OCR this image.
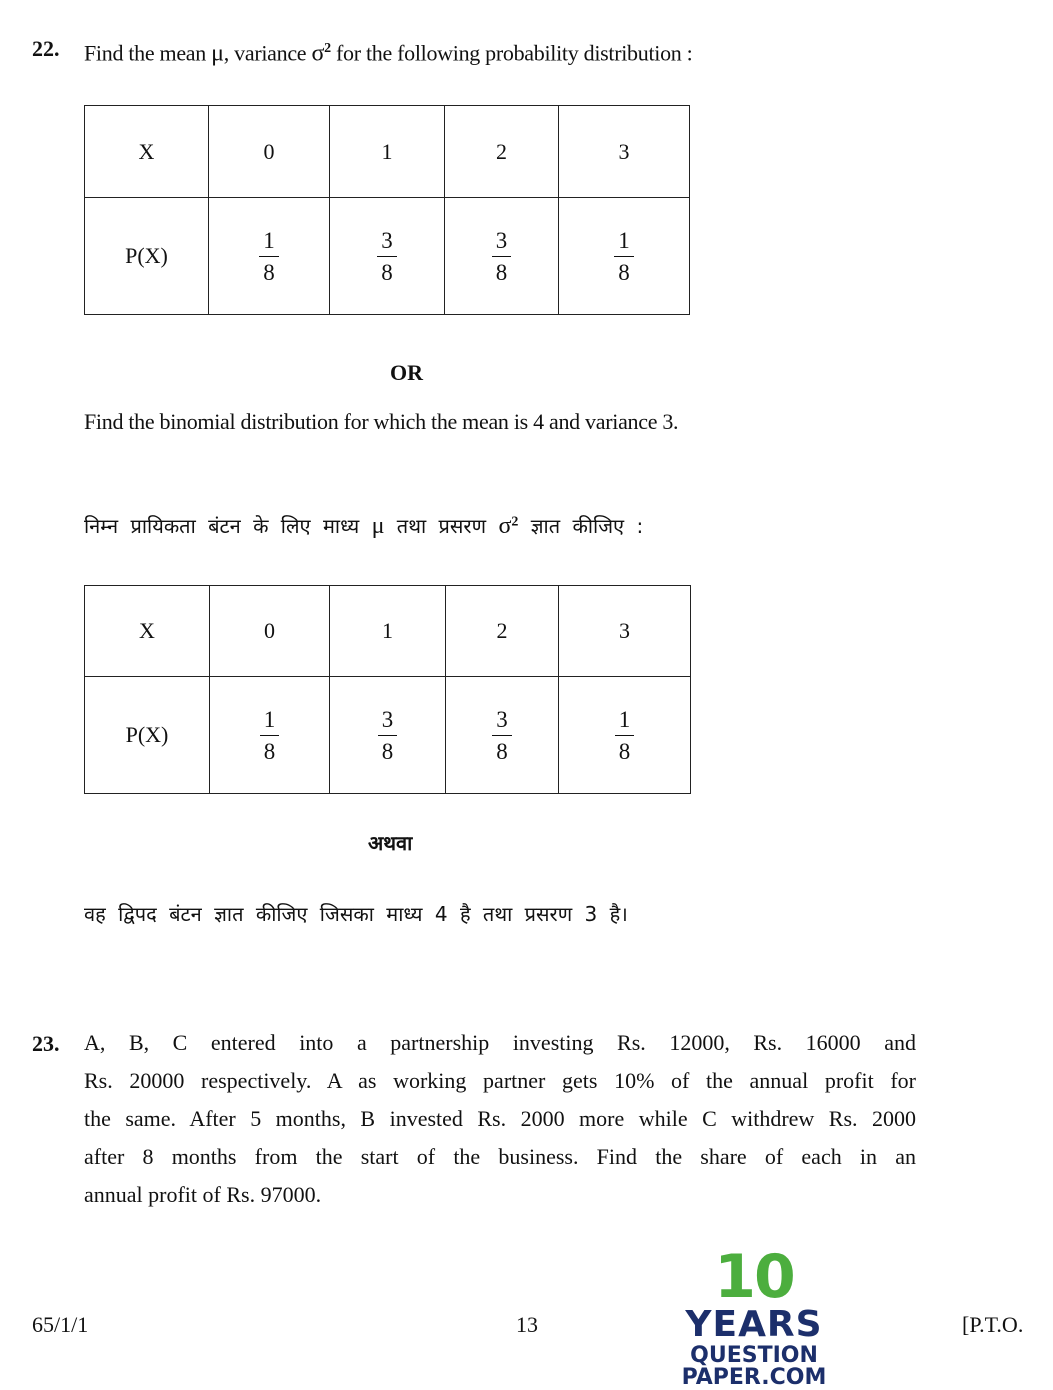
22. Find the mean μ, variance $\sigma^2$ for the following probability distribution :
X	0	1	2	3
P(X)	$\frac{1}{8}$	$\frac{3}{8}$	$\frac{3}{8}$	$\frac{1}{8}$
OR
Find the binomial distribution for which the mean is 4 and variance 3.
निम्न प्रायिकता बंटन के लिए माध्य μ तथा प्रसरण $\sigma^2$ ज्ञात कीजिए :
X	0	1	2	3
P(X)	$\frac{1}{8}$	$\frac{3}{8}$	$\frac{3}{8}$	$\frac{1}{8}$
अथवा
वह द्विपद बंटन ज्ञात कीजिए जिसका माध्य 4 है तथा प्रसरण 3 है।
23. A, B, C entered into a partnership investing Rs. 12000, Rs. 16000 and
Rs. 20000 respectively. A as working partner gets 10% of the annual profit for
the same. After 5 months, B invested Rs. 2000 more while C withdrew Rs. 2000
after 8 months from the start of the business. Find the share of each in an
annual profit of Rs. 97000.
10
YEARS
QUESTION PAPER.COM
65/1/1	13	[P.T.O.
